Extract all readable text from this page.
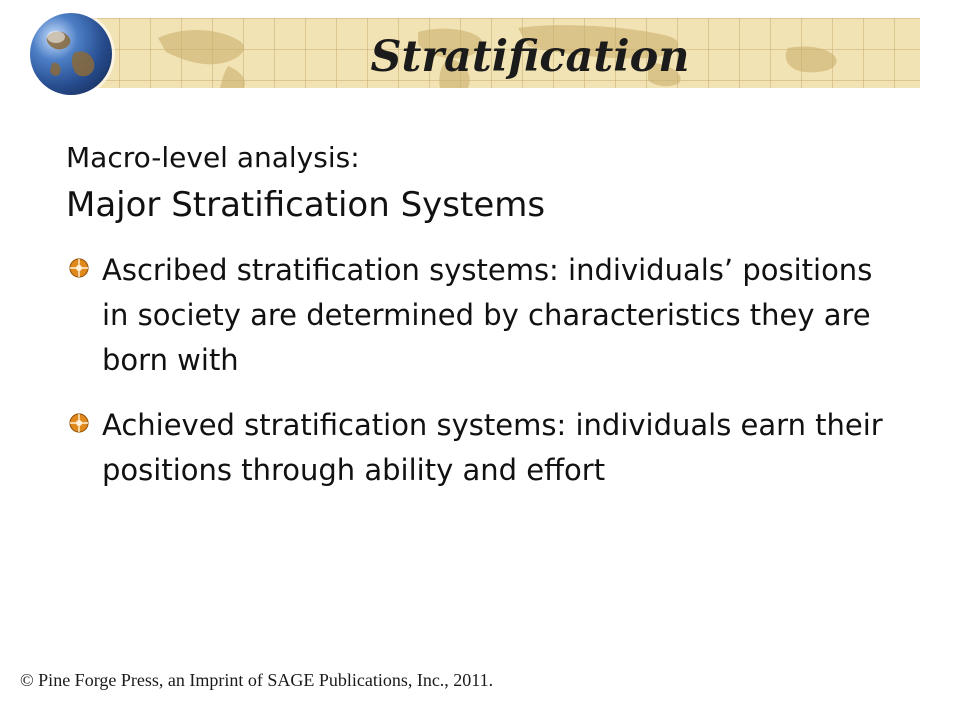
Stratification

Macro-level analysis:

Major Stratification Systems

Ascribed stratification systems: individuals’ positions in society are determined by characteristics they are born with
Achieved stratification systems: individuals earn their positions through ability and effort

© Pine Forge Press, an Imprint of SAGE Publications, Inc., 2011.
